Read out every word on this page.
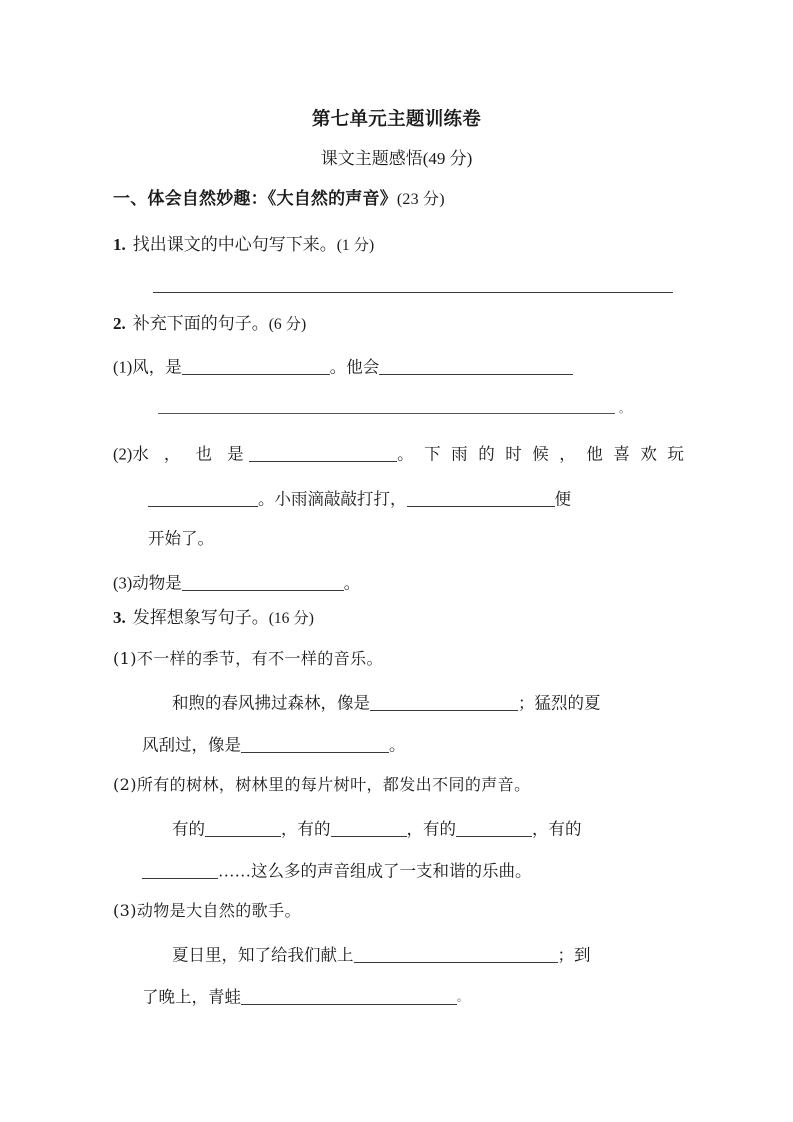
第七单元主题训练卷
课文主题感悟(49 分)
一、体会自然妙趣：《大自然的声音》(23 分)
1. 找出课文的中心句写下来。(1 分)
2. 补充下面的句子。(6 分)
(1)风，是	。他会
。
(2)水 ， 也 是	。 下 雨 的 时 候 ， 他 喜 欢 玩
。小雨滴敲敲打打，	便
开始了。
(3)动物是	。
3. 发挥想象写句子。(16 分)
(1)不一样的季节，有不一样的音乐。
和煦的春风拂过森林，像是	；猛烈的夏
风刮过，像是	。
(2)所有的树林，树林里的每片树叶，都发出不同的声音。
有的	，有的	，有的	，有的
……这么多的声音组成了一支和谐的乐曲。
(3)动物是大自然的歌手。
夏日里，知了给我们献上	；到
了晚上，青蛙	。
